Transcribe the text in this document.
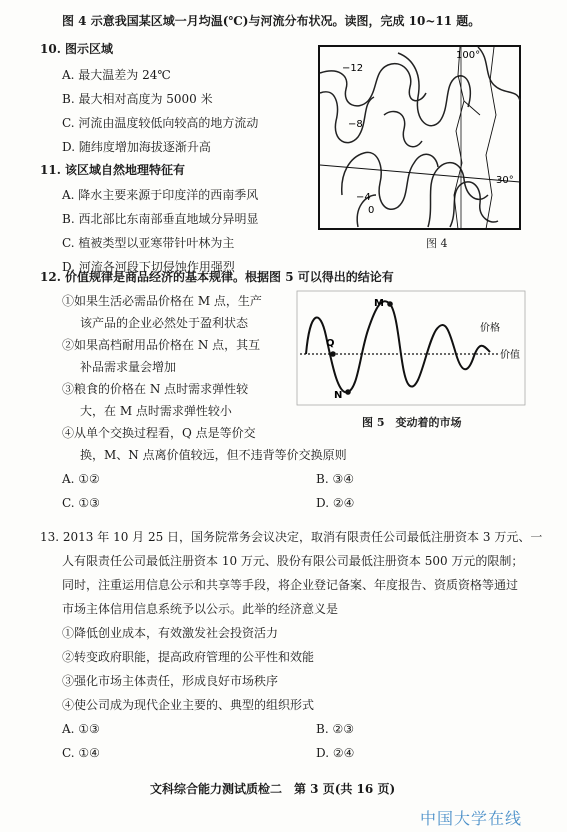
图 4 示意我国某区域一月均温(℃)与河流分布状况。读图，完成 10~11 题。
10. 图示区域
A. 最大温差为 24℃
B. 最大相对高度为 5000 米
C. 河流由温度较低向较高的地方流动
D. 随纬度增加海拔逐渐升高
11. 该区域自然地理特征有
A. 降水主要来源于印度洋的西南季风
B. 西北部比东南部垂直地域分异明显
C. 植被类型以亚寒带针叶林为主
D. 河流各河段下切侵蚀作用强烈
−12
−8
−4
0
100°
30°
图 4
12. 价值规律是商品经济的基本规律。根据图 5 可以得出的结论有
①如果生活必需品价格在 M 点，生产
该产品的企业必然处于盈利状态
②如果高档耐用品价格在 N 点，其互
补品需求量会增加
③粮食的价格在 N 点时需求弹性较
大，在 M 点时需求弹性较小
④从单个交换过程看，Q 点是等价交
换，M、N 点离价值较远，但不违背等价交换原则
A. ①②	B. ③④
C. ①③	D. ②④
Q
N
M
价格
价值
图 5　变动着的市场
13. 2013 年 10 月 25 日，国务院常务会议决定，取消有限责任公司最低注册资本 3 万元、一
人有限责任公司最低注册资本 10 万元、股份有限公司最低注册资本 500 万元的限制；
同时，注重运用信息公示和共享等手段，将企业登记备案、年度报告、资质资格等通过
市场主体信用信息系统予以公示。此举的经济意义是
①降低创业成本，有效激发社会投资活力
②转变政府职能，提高政府管理的公平性和效能
③强化市场主体责任，形成良好市场秩序
④使公司成为现代企业主要的、典型的组织形式
A. ①③	B. ②③
C. ①④	D. ②④
文科综合能力测试质检二　第 3 页(共 16 页)
中国大学在线
